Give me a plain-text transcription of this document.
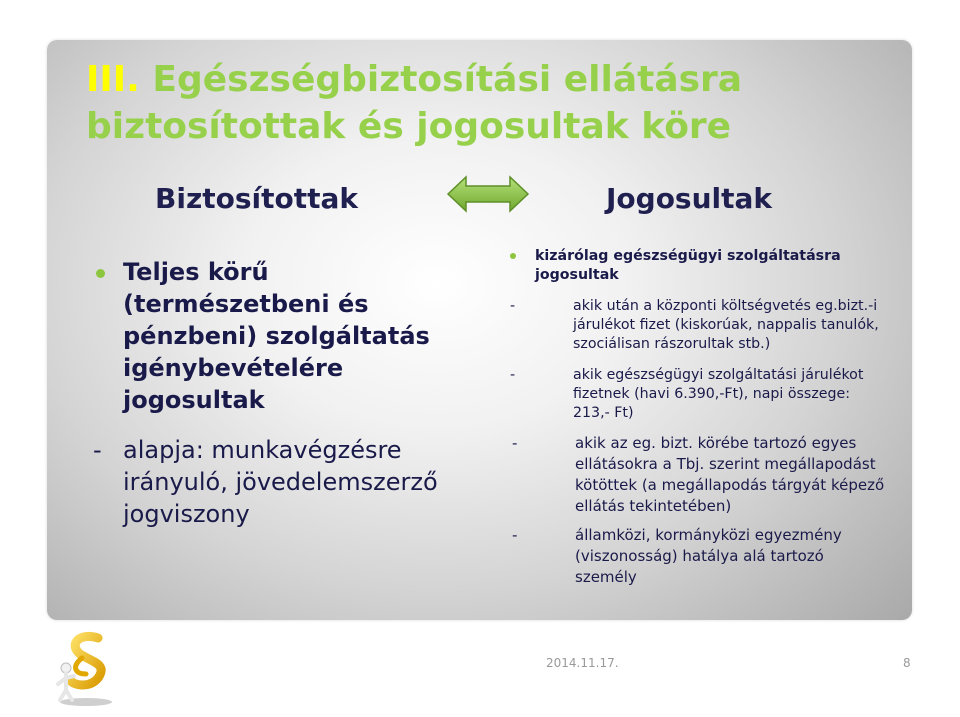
III. Egészségbiztosítási ellátásra biztosítottak és jogosultak köre
Biztosítottak	Jogosultak

Teljes körű (természetbeni és pénzbeni) szolgáltatás igénybevételére jogosultak

- alapja: munkavégzésre irányuló, jövedelemszerző jogviszony
kizárólag egészségügyi szolgáltatásra jogosultak
-	akik után a központi költségvetés eg.bizt.-i járulékot fizet (kiskorúak, nappalis tanulók, szociálisan rászorultak stb.)
-	akik egészségügyi szolgáltatási járulékot fizetnek (havi 6.390,-Ft), napi összege: 213,- Ft)
-	akik az eg. bizt. körébe tartozó egyes ellátásokra a Tbj. szerint megállapodást kötöttek (a megállapodás tárgyát képező ellátás tekintetében)
-	államközi, kormányközi egyezmény (viszonosság) hatálya alá tartozó személy
2014.11.17.	8
